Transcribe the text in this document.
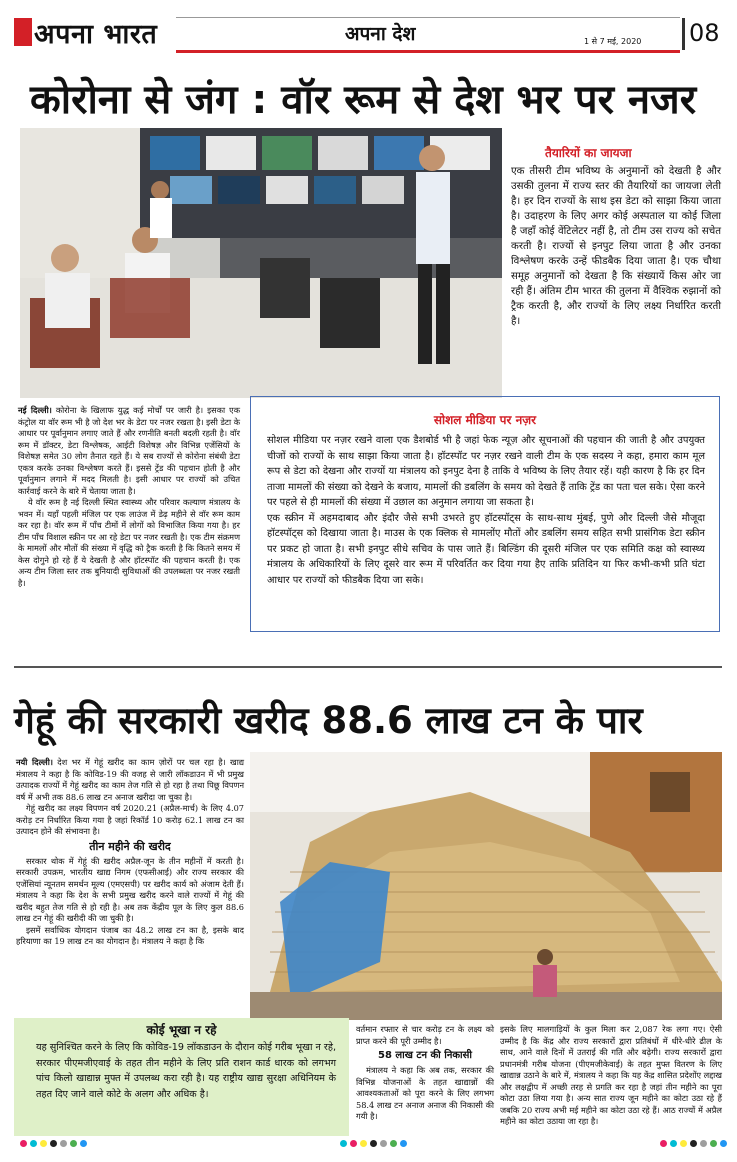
अपना भारत	अपना देश	1 से 7 मई, 2020 08
कोरोना से जंग : वॉर रूम से देश भर पर नजर
तैयारियों का जायजा
एक तीसरी टीम भविष्य के अनुमानों को देखती है और उसकी तुलना में राज्य स्तर की तैयारियों का जायजा लेती है। हर दिन राज्यों के साथ इस डेटा को साझा किया जाता है। उदाहरण के लिए अगर कोई अस्पताल या कोई जिला है जहाँ कोई वेंटिलेटर नहीं है, तो टीम उस राज्य को सचेत करती है। राज्यों से इनपुट लिया जाता है और उनका विश्लेषण करके उन्हें फीडबैक दिया जाता है। एक चौथा समूह अनुमानों को देखता है कि संख्यायें किस ओर जा रही हैं। अंतिम टीम भारत की तुलना में वैश्विक रुझानों को ट्रैक करती है, और राज्यों के लिए लक्ष्य निर्धारित करती है।
नई दिल्ली। कोरोना के खिलाफ युद्ध कई मोर्चों पर जारी है। इसका एक कंट्रोल या वॉर रूम भी है जो देश भर के डेटा पर नजर रखता है। इसी डेटा के आधार पर पूर्वानुमान लगाए जाते हैं और रणनीति बनती बदली रहती है। वॉर रूम में डॉक्टर, डेटा विश्लेषक, आईटी विशेषज्ञ और विभिन्न एजेंसियों के विशेषज्ञ समेत 30 लोग तैनात रहते हैं। ये सब राज्यों से कोरोना संबंधी डेटा एकत्र करके उनका विश्लेषण करते हैं। इससे ट्रेंड की पहचान होती है और पूर्वानुमान लगाने में मदद मिलती है। इसी आधार पर राज्यों को उचित कार्रवाई करने के बारे में चेताया जाता है।
ये वॉर रूम है नई दिल्ली स्थित स्वास्थ्य और परिवार कल्याण मंत्रालय के भवन में। यहाँ पहली मंजिल पर एक लाउंज में डेढ़ महीने से वॉर रूम काम कर रहा है। वॉर रूम में पाँच टीमों में लोगों को विभाजित किया गया है। हर टीम पाँच विशाल स्क्रीन पर आ रहे डेटा पर नजर रखती है। एक टीम संक्रमण के मामलों और मौतों की संख्या में वृद्धि को ट्रैक करती है कि कितने समय में केस दोगुने हो रहे हैं ये देखती है और हॉटस्पॉट की पहचान करती है। एक अन्य टीम जिला स्तर तक बुनियादी सुविधाओं की उपलब्धता पर नजर रखती है।
सोशल मीडिया पर नज़र
सोशल मीडिया पर नज़र रखने वाला एक डैशबोर्ड भी है जहां फेक न्यूज़ और सूचनाओं की पहचान की जाती है और उपयुक्त चीजों को राज्यों के साथ साझा किया जाता है। हॉटस्पॉट पर नज़र रखने वाली टीम के एक सदस्य ने कहा, हमारा काम मूल रूप से डेटा को देखना और राज्यों या मंत्रालय को इनपुट देना है ताकि वे भविष्य के लिए तैयार रहें। यही कारण है कि हर दिन ताजा मामलों की संख्या को देखने के बजाय, मामलों की डबलिंग के समय को देखते हैं ताकि ट्रेंड का पता चल सके। ऐसा करने पर पहले से ही मामलों की संख्या में उछाल का अनुमान लगाया जा सकता है।
एक स्क्रीन में अहमदाबाद और इंदौर जैसे सभी उभरते हुए हॉटस्पॉट्स के साथ-साथ मुंबई, पुणे और दिल्ली जैसे मौजूदा हॉटस्पॉट्स को दिखाया जाता है। माउस के एक क्लिक से मामलोंए मौतों और डबलिंग समय सहित सभी प्रासंगिक डेटा स्क्रीन पर प्रकट हो जाता है। सभी इनपुट सीधे सचिव के पास जाते हैं। बिल्डिंग की दूसरी मंजिल पर एक समिति कक्ष को स्वास्थ्य मंत्रालय के अधिकारियों के लिए दूसरे वार रूम में परिवर्तित कर दिया गया हैए ताकि प्रतिदिन या फिर कभी-कभी प्रति घंटा आधार पर राज्यों को फीडबैक दिया जा सके।
गेहूं की सरकारी खरीद 88.6 लाख टन के पार
नयी दिल्ली। देश भर में गेहूं खरीद का काम ज़ोरों पर चल रहा है। खाद्य मंत्रालय ने कहा है कि कोविड-19 की वजह से जारी लॉकडाउन में भी प्रमुख उत्पादक राज्यों में गेहूं खरीद का काम तेज गति से हो रहा है तथा पिछू विपणन वर्ष में अभी तक 88.6 लाख टन अनाज खरीदा जा चुका है।
गेहूं खरीद का लक्ष्य विपणन वर्ष 2020.21 (अप्रैल-मार्च) के लिए 4.07 करोड़ टन निर्धारित किया गया है जहां रिकॉर्ड 10 करोड़ 62.1 लाख टन का उत्पादन होने की संभावना है।
तीन महीने की खरीद
सरकार थोक में गेहूं की खरीद अप्रैल-जून के तीन महीनों में करती है। सरकारी उपक्रम, भारतीय खाद्य निगम (एफसीआई) और राज्य सरकार की एजेंसियां न्यूनतम समर्थन मूल्य (एमएसपी) पर खरीद कार्य को अंजाम देती हैं। मंत्रालय ने कहा कि देश के सभी प्रमुख खरीद करने वाले राज्यों में गेहूं की खरीद बहुत तेज गति से हो रही है। अब तक केंद्रीय पूल के लिए कुल 88.6 लाख टन गेहूं की खरीदी की जा चुकी है।
इसमें सर्वाधिक योगदान पंजाब का 48.2 लाख टन का है, इसके बाद हरियाणा का 19 लाख टन का योगदान है। मंत्रालय ने कहा है कि
कोई भूखा न रहे
यह सुनिश्चित करने के लिए कि कोविड-19 लॉकडाउन के दौरान कोई गरीब भूखा न रहे, सरकार पीएमजीएवाई के तहत तीन महीने के लिए प्रति राशन कार्ड धारक को लगभग पांच किलो खाद्यान्न मुफ्त में उपलब्ध करा रही है। यह राष्ट्रीय खाद्य सुरक्षा अधिनियम के तहत दिए जाने वाले कोटे के अलग और अधिक है।
वर्तमान रफ्तार से चार करोड़ टन के लक्ष्य को प्राप्त करने की पूरी उम्मीद है।
58 लाख टन की निकासी
मंत्रालय ने कहा कि अब तक, सरकार की विभिन्न योजनाओं के तहत खाद्यान्नों की आवश्यकताओं को पूरा करने के लिए लगभग 58.4 लाख टन अनाज अनाज की निकासी की गयी है।
इसके लिए मालगाड़ियों के कुल मिला कर 2,087 रेक लगा गए। ऐसी उम्मीद है कि केंद्र और राज्य सरकारों द्वारा प्रतिबंधों में धीरे-धीरे ढील के साथ, आने वाले दिनों में उतराई की गति और बढ़ेगी। राज्य सरकारों द्वारा प्रधानमंत्री गरीब योजना (पीएमजीकेवाई) के तहत मुफ्त वितरण के लिए खाद्यान्न उठाने के बारे में, मंत्रालय ने कहा कि यह केंद्र शासित प्रदेशोंए लद्दाख और लक्षद्वीप में अच्छी तरह से प्रगति कर रहा है जहां तीन महीने का पूरा कोटा उठा लिया गया है। अन्य सात राज्य जून महीने का कोटा उठा रहे हैं जबकि 20 राज्य अभी मई महीने का कोटा उठा रहे हैं। आठ राज्यों में अप्रैल महीने का कोटा उठाया जा रहा है।
